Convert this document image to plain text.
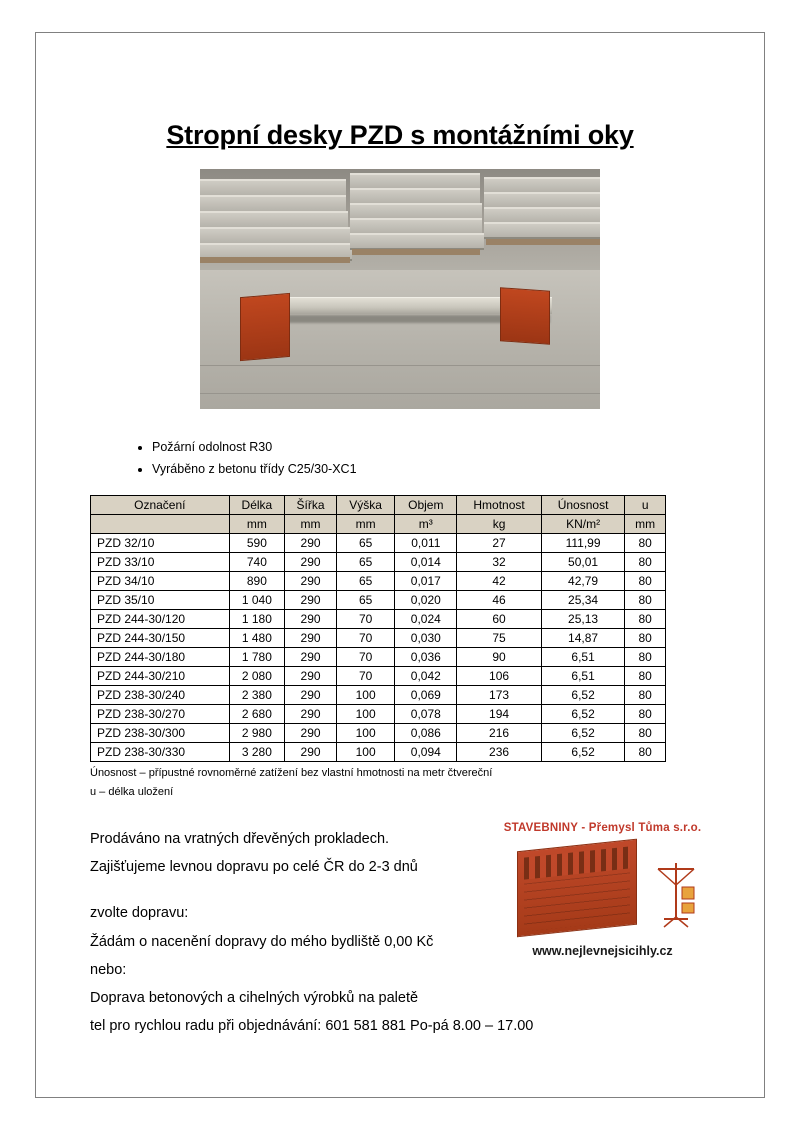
Stropní desky PZD s montážními oky
• Požární odolnost R30
• Vyráběno z betonu třídy C25/30-XC1
Označení	Délka	Šířka	Výška	Objem	Hmotnost	Únosnost	u
	mm	mm	mm	m³	kg	KN/m²	mm
PZD 32/10	590	290	65	0,011	27	111,99	80
PZD 33/10	740	290	65	0,014	32	50,01	80
PZD 34/10	890	290	65	0,017	42	42,79	80
PZD 35/10	1 040	290	65	0,020	46	25,34	80
PZD 244-30/120	1 180	290	70	0,024	60	25,13	80
PZD 244-30/150	1 480	290	70	0,030	75	14,87	80
PZD 244-30/180	1 780	290	70	0,036	90	6,51	80
PZD 244-30/210	2 080	290	70	0,042	106	6,51	80
PZD 238-30/240	2 380	290	100	0,069	173	6,52	80
PZD 238-30/270	2 680	290	100	0,078	194	6,52	80
PZD 238-30/300	2 980	290	100	0,086	216	6,52	80
PZD 238-30/330	3 280	290	100	0,094	236	6,52	80

Únosnost – přípustné rovnoměrné zatížení bez vlastní hmotnosti na metr čtvereční

u – délka uložení

STAVEBNINY - Přemysl Tůma s.r.o.
www.nejlevnejsicihly.cz

Prodáváno na vratných dřevěných prokladech.

Zajišťujeme levnou dopravu po celé ČR do 2-3 dnů

zvolte dopravu:

Žádám o nacenění dopravy do mého bydliště 0,00 Kč

nebo:

Doprava betonových a cihelných výrobků na paletě

tel pro rychlou radu při objednávání: 601 581 881 Po-pá 8.00 – 17.00
